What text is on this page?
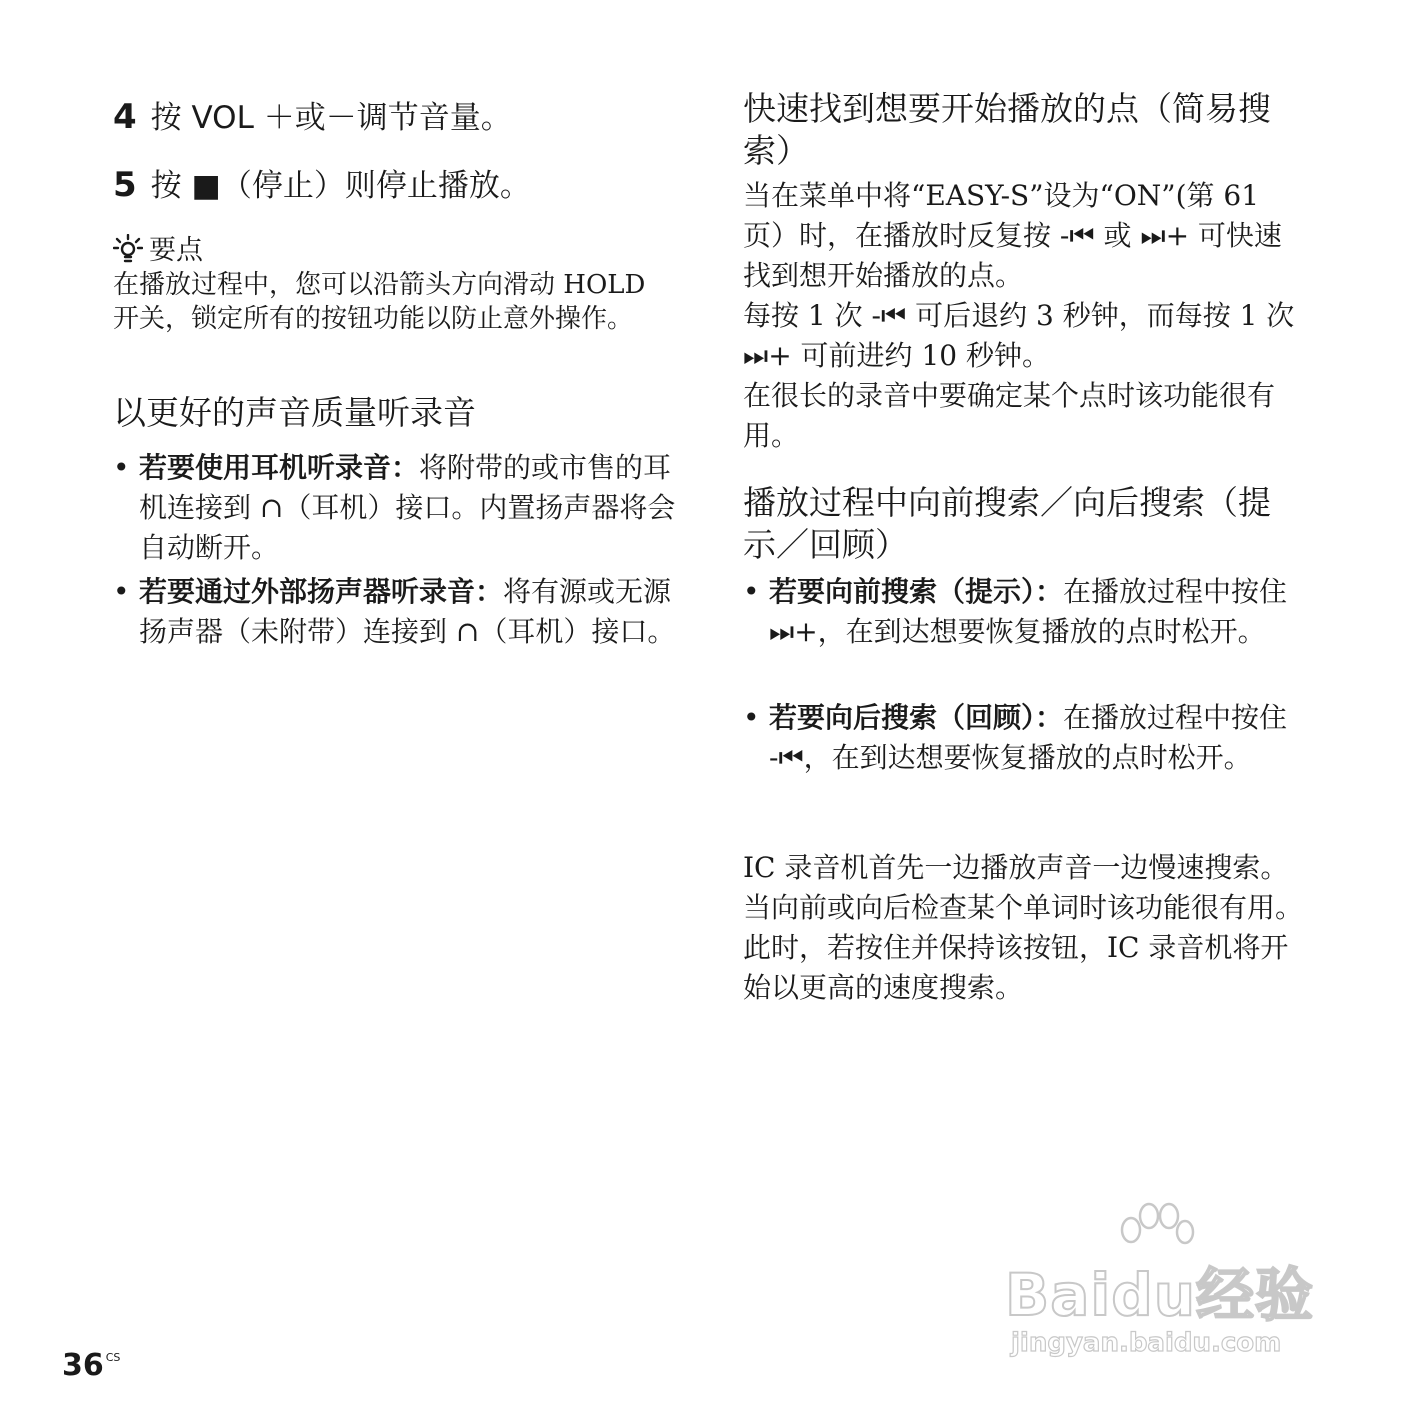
4 按 VOL ＋或－调节音量。
5 按 ■（停止）则停止播放。
要点
在播放过程中，您可以沿箭头方向滑动 HOLD 开关，锁定所有的按钮功能以防止意外操作。
以更好的声音质量听录音
• 若要使用耳机听录音：将附带的或市售的耳机连接到 ∩（耳机）接口。内置扬声器将会自动断开。
• 若要通过外部扬声器听录音：将有源或无源扬声器（未附带）连接到 ∩（耳机）接口。
快速找到想要开始播放的点（简易搜索）
当在菜单中将“EASY-S”设为“ON”(第 61 页）时，在播放时反复按 -⏮ 或 ⏭+ 可快速找到想开始播放的点。
每按 1 次 -⏮ 可后退约 3 秒钟，而每按 1 次 ⏭+ 可前进约 10 秒钟。
在很长的录音中要确定某个点时该功能很有用。
播放过程中向前搜索／向后搜索（提示／回顾）
• 若要向前搜索（提示）：在播放过程中按住 ⏭+，在到达想要恢复播放的点时松开。
• 若要向后搜索（回顾）：在播放过程中按住 -⏮，在到达想要恢复播放的点时松开。
IC 录音机首先一边播放声音一边慢速搜索。当向前或向后检查某个单词时该功能很有用。此时，若按住并保持该按钮，IC 录音机将开始以更高的速度搜索。
36 $^{CS}$
Baidu经验
jingyan.baidu.com
